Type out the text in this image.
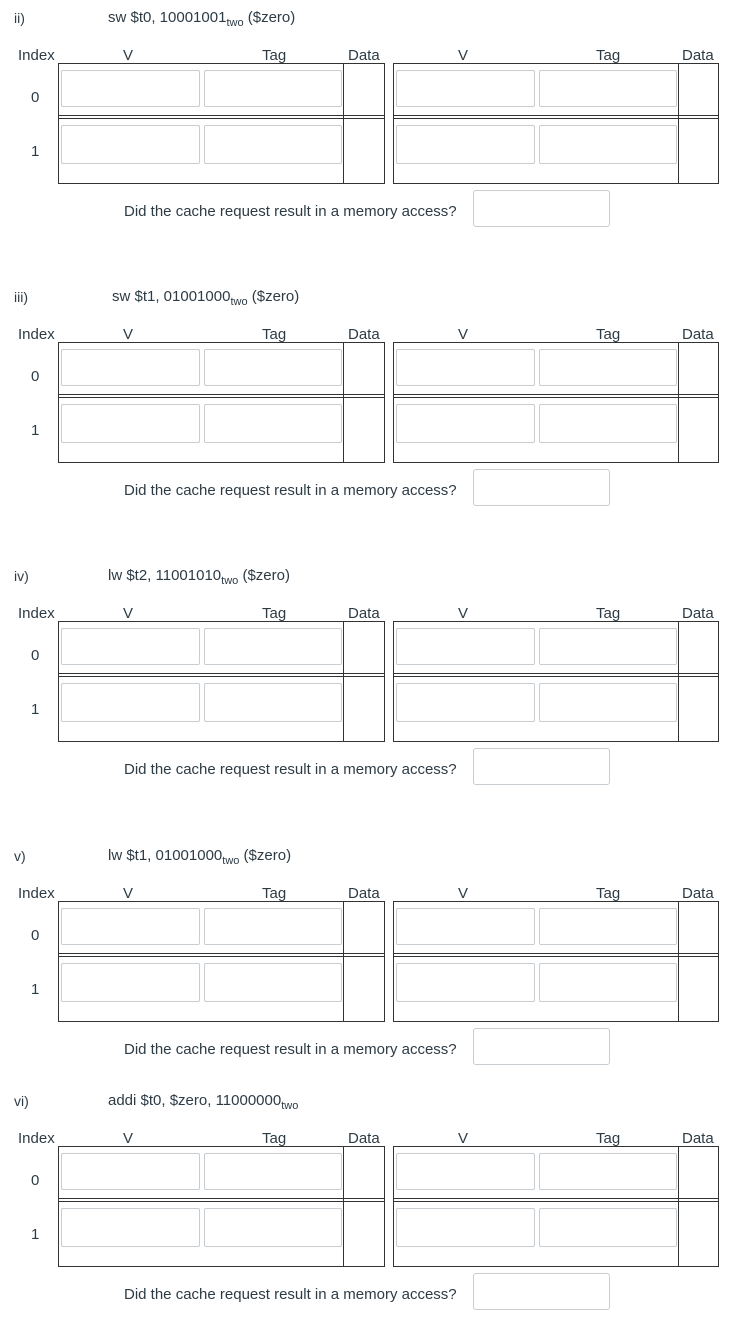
ii)	sw $t0, $10001001_{two}$ ($zero)
Index	V	Tag	Data	V	Tag	Data
0
1
Did the cache request result in a memory access?
iii)	sw $t1, $01001000_{two}$ ($zero)
Index	V	Tag	Data	V	Tag	Data
0
1
Did the cache request result in a memory access?
iv)	lw $t2, $11001010_{two}$ ($zero)
Index	V	Tag	Data	V	Tag	Data
0
1
Did the cache request result in a memory access?
v)	lw $t1, $01001000_{two}$ ($zero)
Index	V	Tag	Data	V	Tag	Data
0
1
Did the cache request result in a memory access?
vi)	addi $t0, $zero, $11000000_{two}$
Index	V	Tag	Data	V	Tag	Data
0
1
Did the cache request result in a memory access?
